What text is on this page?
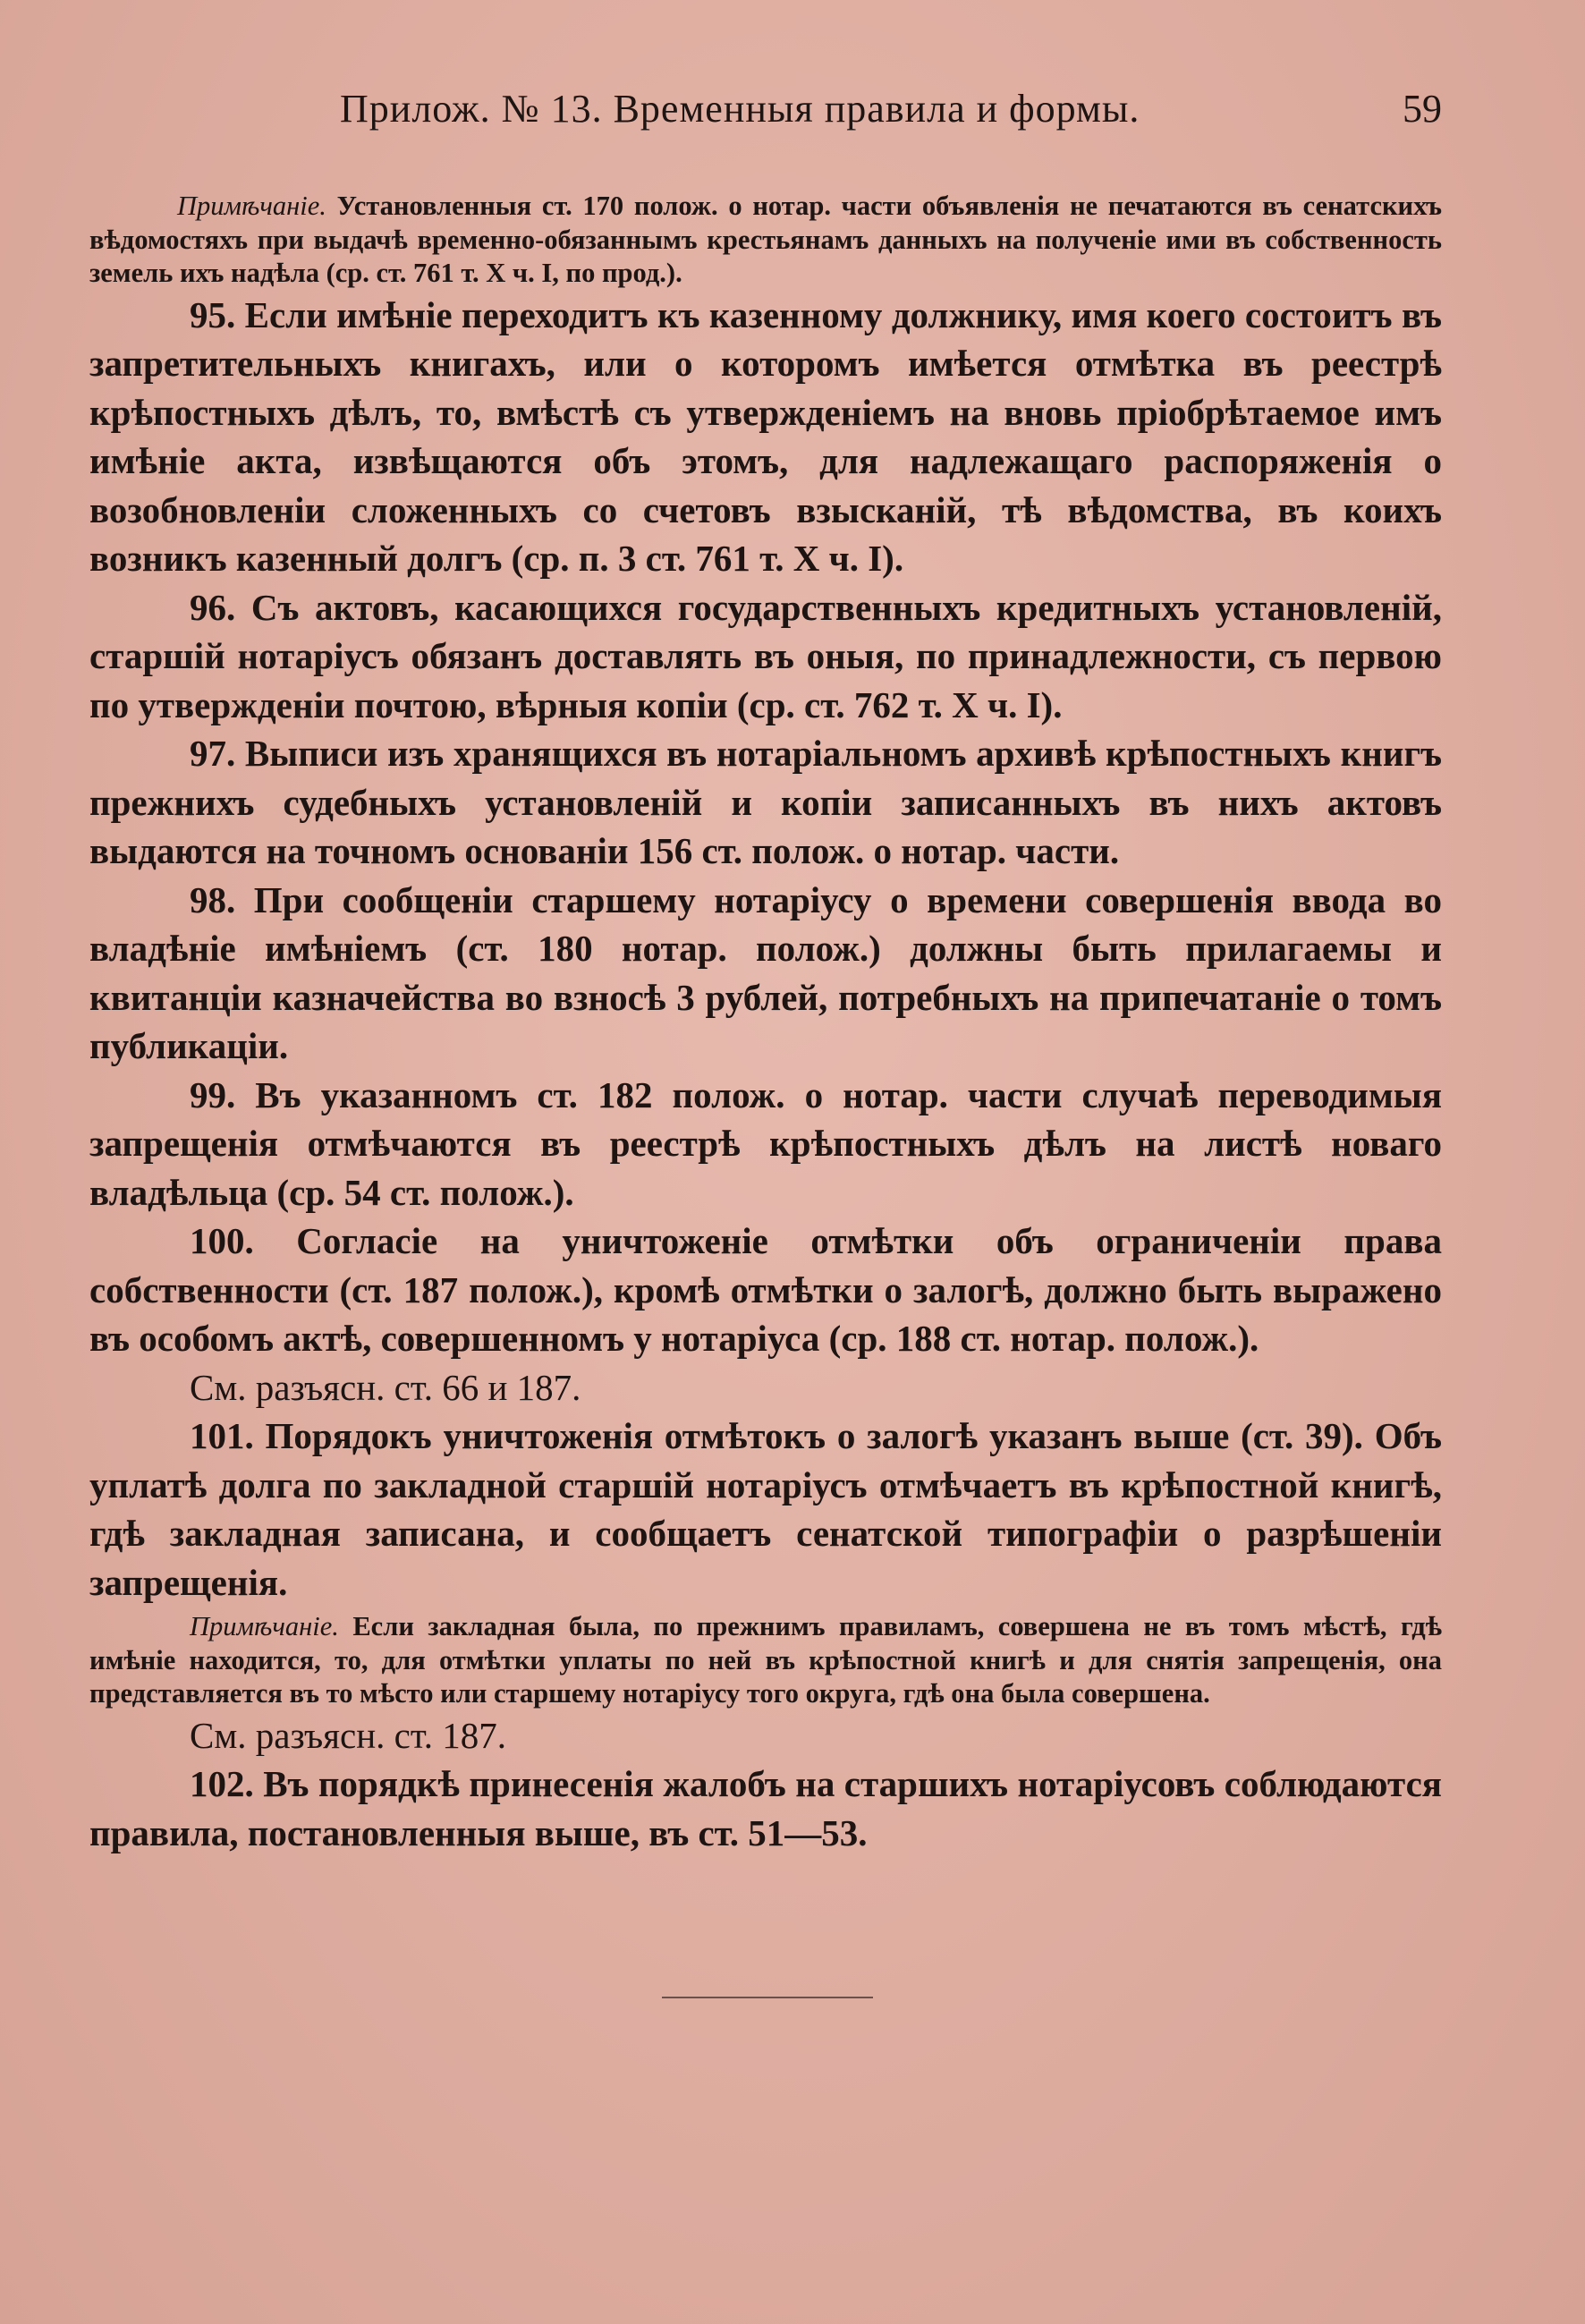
Прилож. № 13. Временныя правила и формы.	59

Примѣчаніе. Установленныя ст. 170 полож. о нотар. части объявленія не печатаются въ сенатскихъ вѣдомостяхъ при выдачѣ временно-обязаннымъ крестьянамъ данныхъ на полученіе ими въ собственность земель ихъ надѣла (ср. ст. 761 т. X ч. I, по прод.).

95. Если имѣніе переходитъ къ казенному должнику, имя коего состоитъ въ запретительныхъ книгахъ, или о которомъ имѣется отмѣтка въ реестрѣ крѣпостныхъ дѣлъ, то, вмѣстѣ съ утвержденіемъ на вновь пріобрѣтаемое имъ имѣніе акта, извѣщаются объ этомъ, для надлежащаго распоряженія о возобновленіи сложенныхъ со счетовъ взысканій, тѣ вѣдомства, въ коихъ возникъ казенный долгъ (ср. п. 3 ст. 761 т. X ч. I).

96. Съ актовъ, касающихся государственныхъ кредитныхъ установленій, старшій нотаріусъ обязанъ доставлять въ оныя, по принадлежности, съ первою по утвержденіи почтою, вѣрныя копіи (ср. ст. 762 т. X ч. I).

97. Выписи изъ хранящихся въ нотаріальномъ архивѣ крѣпостныхъ книгъ прежнихъ судебныхъ установленій и копіи записанныхъ въ нихъ актовъ выдаются на точномъ основаніи 156 ст. полож. о нотар. части.

98. При сообщеніи старшему нотаріусу о времени совершенія ввода во владѣніе имѣніемъ (ст. 180 нотар. полож.) должны быть прилагаемы и квитанціи казначейства во взносѣ 3 рублей, потребныхъ на припечатаніе о томъ публикаціи.

99. Въ указанномъ ст. 182 полож. о нотар. части случаѣ переводимыя запрещенія отмѣчаются въ реестрѣ крѣпостныхъ дѣлъ на листѣ новаго владѣльца (ср. 54 ст. полож.).

100. Согласіе на уничтоженіе отмѣтки объ ограниченіи права собственности (ст. 187 полож.), кромѣ отмѣтки о залогѣ, должно быть выражено въ особомъ актѣ, совершенномъ у нотаріуса (ср. 188 ст. нотар. полож.).

См. разъясн. ст. 66 и 187.

101. Порядокъ уничтоженія отмѣтокъ о залогѣ указанъ выше (ст. 39). Объ уплатѣ долга по закладной старшій нотаріусъ отмѣчаетъ въ крѣпостной книгѣ, гдѣ закладная записана, и сообщаетъ сенатской типографіи о разрѣшеніи запрещенія.

Примѣчаніе. Если закладная была, по прежнимъ правиламъ, совершена не въ томъ мѣстѣ, гдѣ имѣніе находится, то, для отмѣтки уплаты по ней въ крѣпостной книгѣ и для снятія запрещенія, она представляется въ то мѣсто или старшему нотаріусу того округа, гдѣ она была совершена.

См. разъясн. ст. 187.

102. Въ порядкѣ принесенія жалобъ на старшихъ нотаріусовъ соблюдаются правила, постановленныя выше, въ ст. 51—53.
